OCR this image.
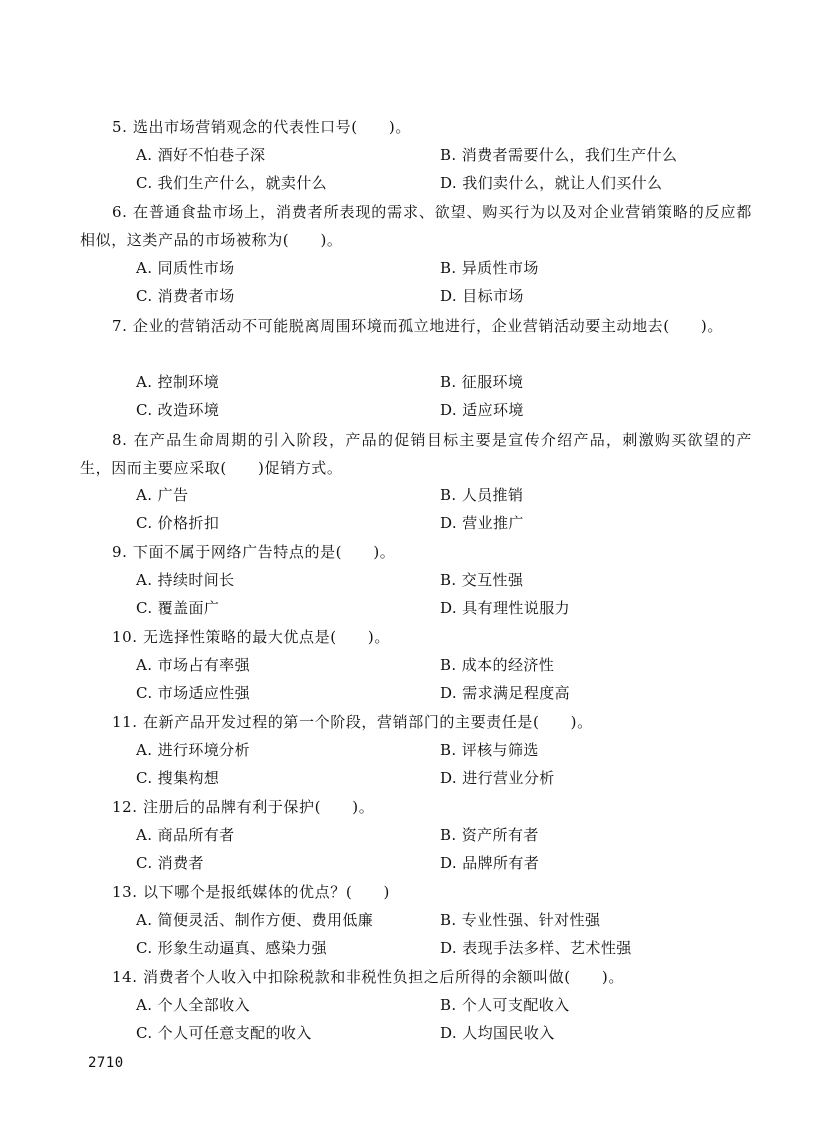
5. 选出市场营销观念的代表性口号(　　)。
A. 酒好不怕巷子深	B. 消费者需要什么，我们生产什么
C. 我们生产什么，就卖什么	D. 我们卖什么，就让人们买什么
6. 在普通食盐市场上，消费者所表现的需求、欲望、购买行为以及对企业营销策略的反应都相似，这类产品的市场被称为(　　)。
A. 同质性市场	B. 异质性市场
C. 消费者市场	D. 目标市场
7. 企业的营销活动不可能脱离周围环境而孤立地进行，企业营销活动要主动地去(　　)。
A. 控制环境	B. 征服环境
C. 改造环境	D. 适应环境
8. 在产品生命周期的引入阶段，产品的促销目标主要是宣传介绍产品，刺激购买欲望的产生，因而主要应采取(　　)促销方式。
A. 广告	B. 人员推销
C. 价格折扣	D. 营业推广
9. 下面不属于网络广告特点的是(　　)。
A. 持续时间长	B. 交互性强
C. 覆盖面广	D. 具有理性说服力
10. 无选择性策略的最大优点是(　　)。
A. 市场占有率强	B. 成本的经济性
C. 市场适应性强	D. 需求满足程度高
11. 在新产品开发过程的第一个阶段，营销部门的主要责任是(　　)。
A. 进行环境分析	B. 评核与筛选
C. 搜集构想	D. 进行营业分析
12. 注册后的品牌有利于保护(　　)。
A. 商品所有者	B. 资产所有者
C. 消费者	D. 品牌所有者
13. 以下哪个是报纸媒体的优点？(　　)
A. 简便灵活、制作方便、费用低廉	B. 专业性强、针对性强
C. 形象生动逼真、感染力强	D. 表现手法多样、艺术性强
14. 消费者个人收入中扣除税款和非税性负担之后所得的余额叫做(　　)。
A. 个人全部收入	B. 个人可支配收入
C. 个人可任意支配的收入	D. 人均国民收入
2710
